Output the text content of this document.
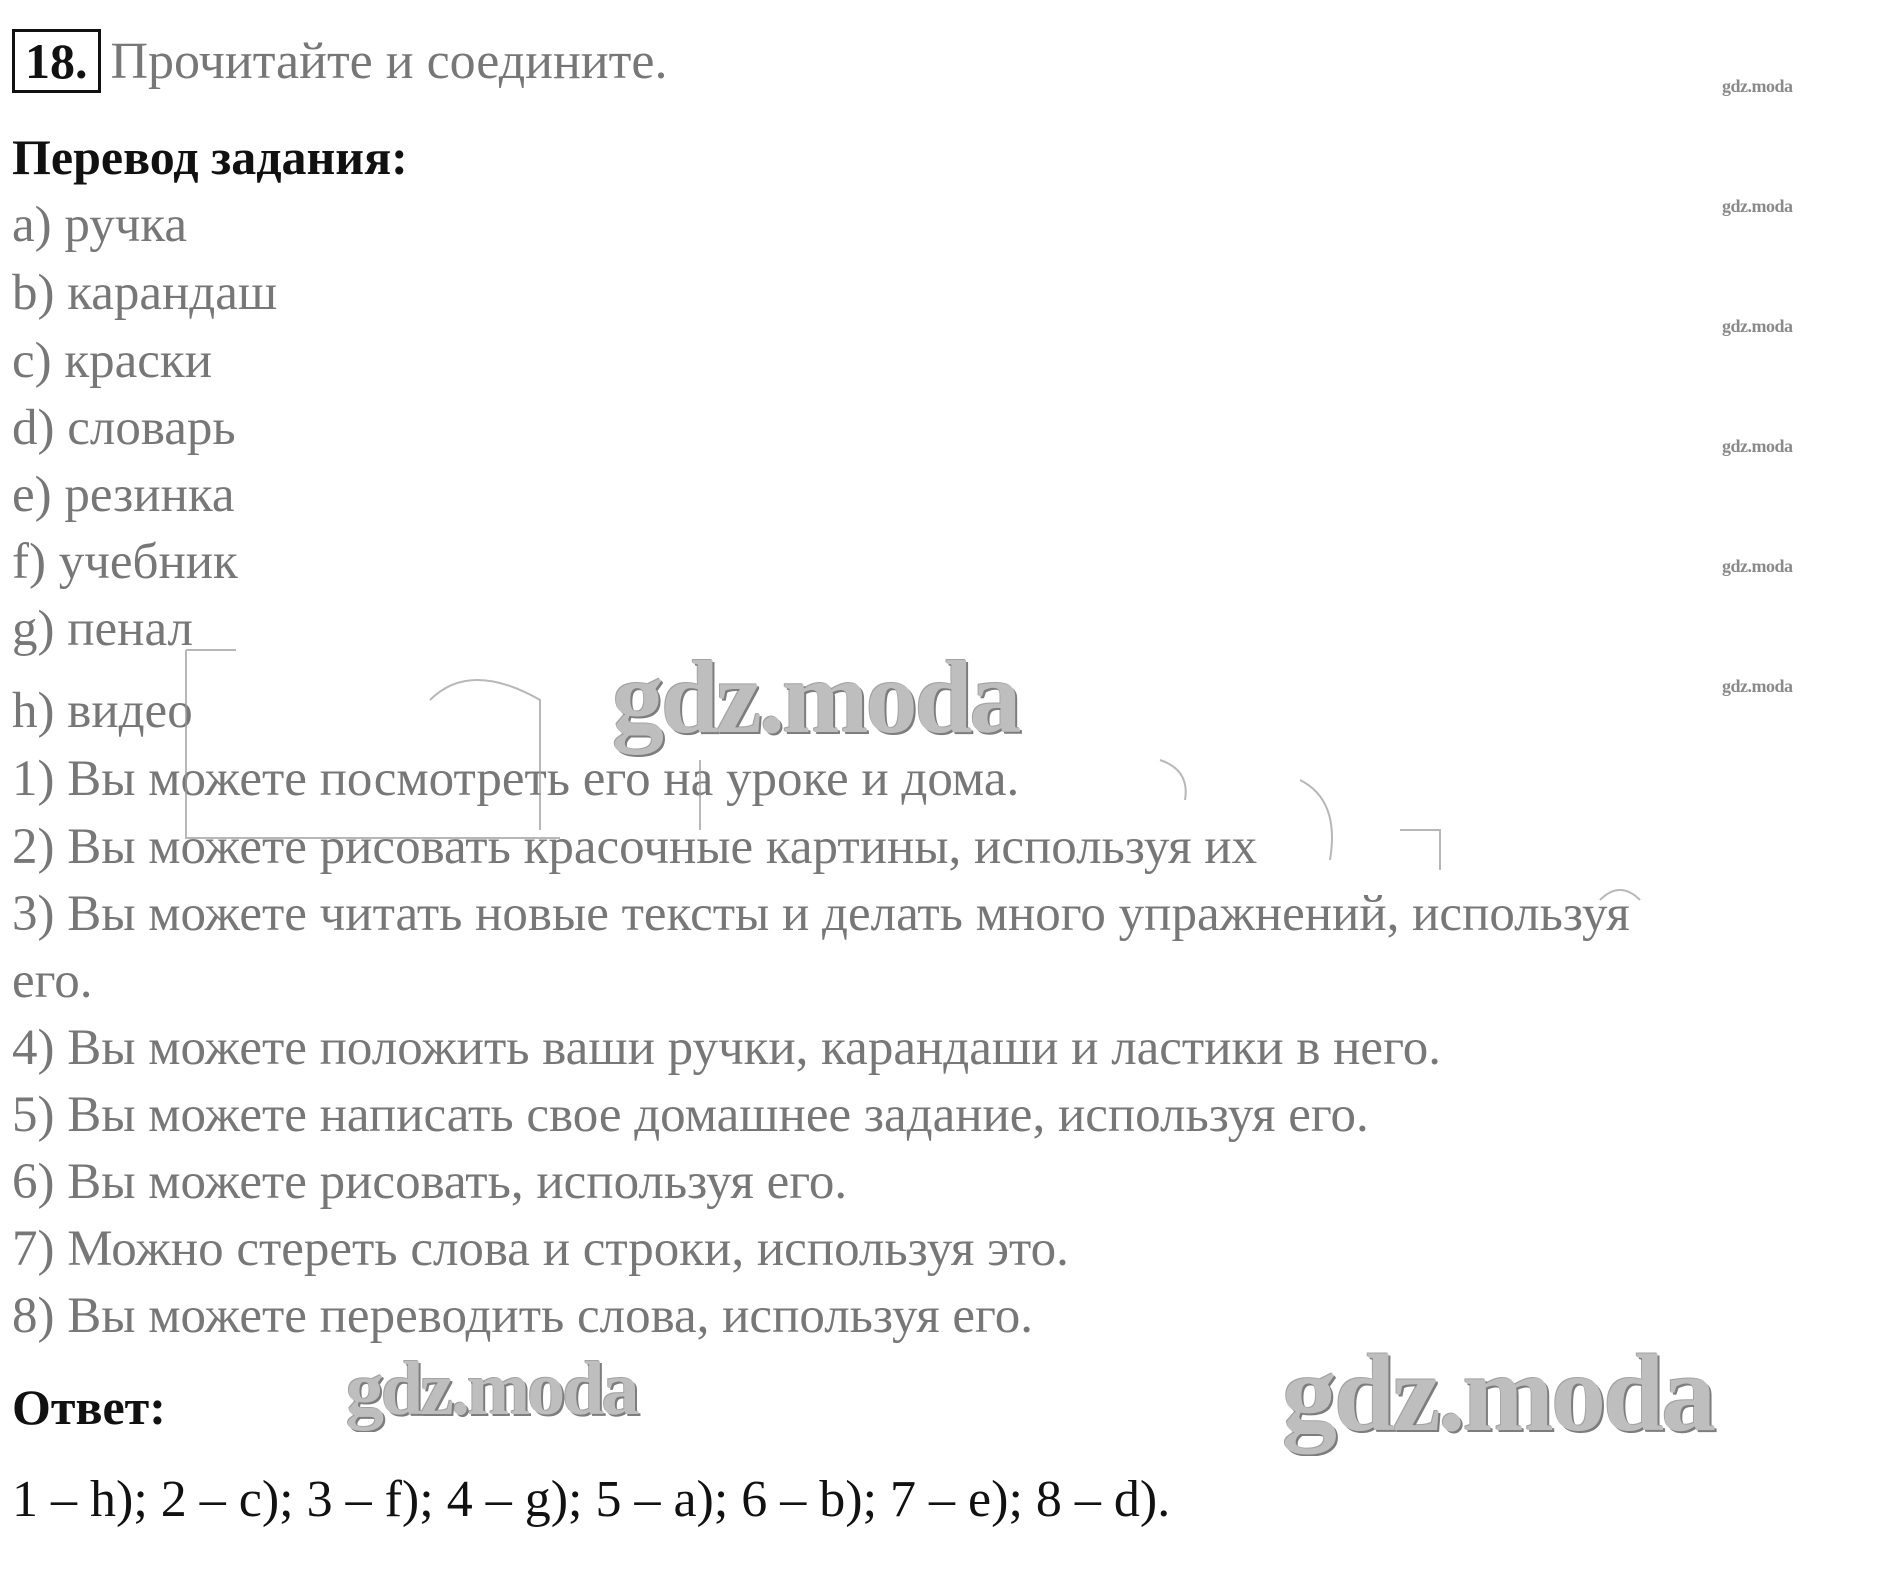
18. Прочитайте и соедините.
Перевод задания:
a) ручка
b) карандаш
c) краски
d) словарь
e) резинка
f) учебник
g) пенал
h) видео
1) Вы можете посмотреть его на уроке и дома.
2) Вы можете рисовать красочные картины, используя их
3) Вы можете читать новые тексты и делать много упражнений, используя
его.
4) Вы можете положить ваши ручки, карандаши и ластики в него.
5) Вы можете написать свое домашнее задание, используя его.
6) Вы можете рисовать, используя его.
7) Можно стереть слова и строки, используя это.
8) Вы можете переводить слова, используя его.
Ответ:
1 – h); 2 – c); 3 – f); 4 – g); 5 – a); 6 – b); 7 – e); 8 – d).
gdz.moda
gdz.moda
gdz.moda
gdz.moda
gdz.moda
gdz.moda
gdz.moda
gdz.moda	gdz.moda
